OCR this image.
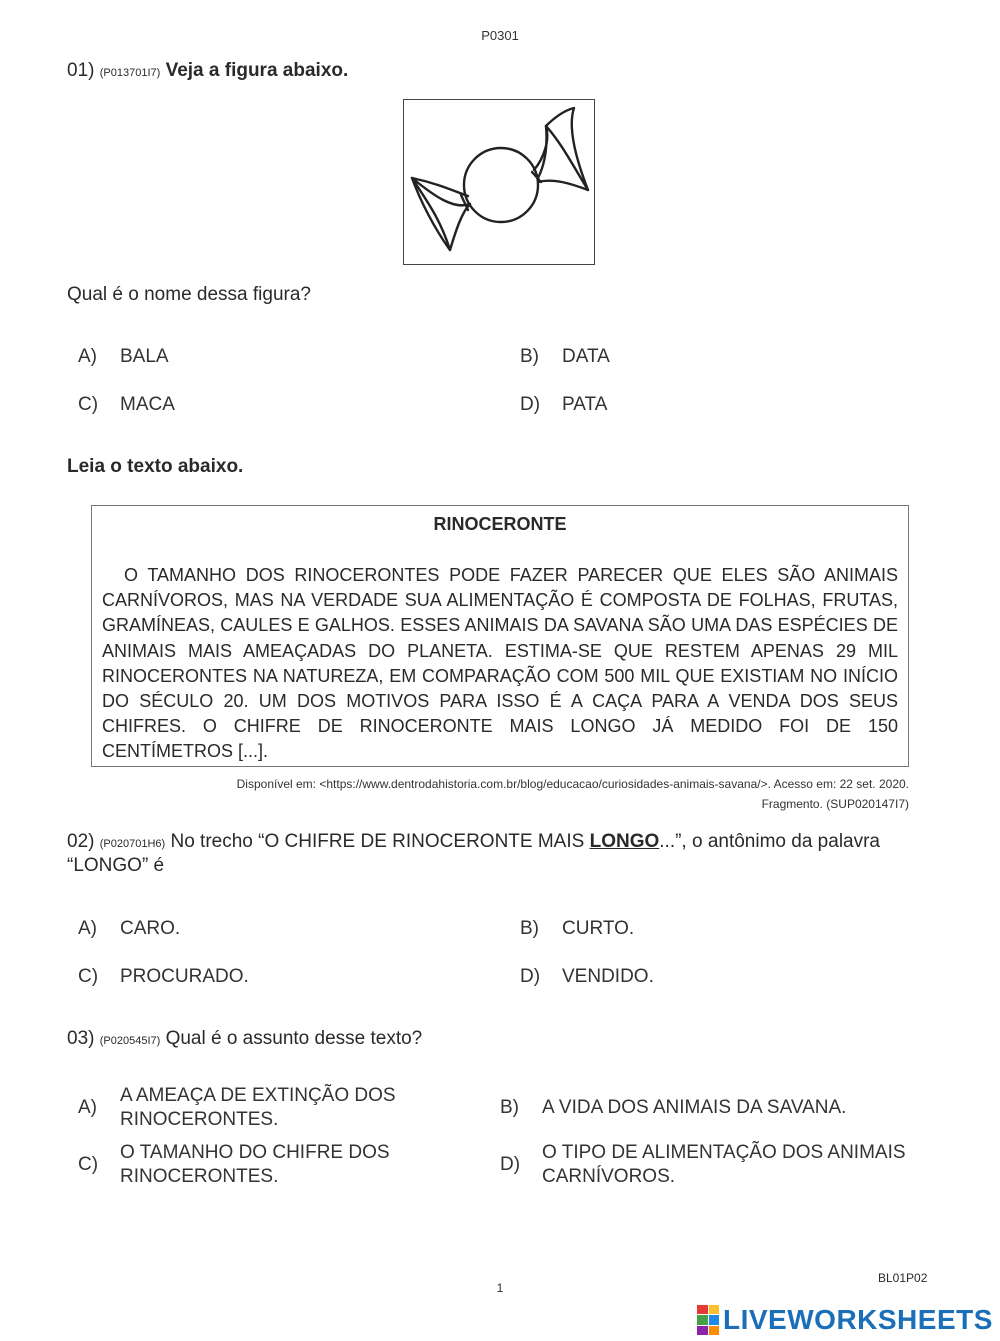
P0301
01) (P013701I7) Veja a figura abaixo.
Qual é o nome dessa figura?
A) BALA	B) DATA
C) MACA	D) PATA
Leia o texto abaixo.
RINOCERONTE
O TAMANHO DOS RINOCERONTES PODE FAZER PARECER QUE ELES SÃO ANIMAIS CARNÍVOROS, MAS NA VERDADE SUA ALIMENTAÇÃO É COMPOSTA DE FOLHAS, FRUTAS, GRAMÍNEAS, CAULES E GALHOS. ESSES ANIMAIS DA SAVANA SÃO UMA DAS ESPÉCIES DE ANIMAIS MAIS AMEAÇADAS DO PLANETA. ESTIMA-SE QUE RESTEM APENAS 29 MIL RINOCERONTES NA NATUREZA, EM COMPARAÇÃO COM 500 MIL QUE EXISTIAM NO INÍCIO DO SÉCULO 20. UM DOS MOTIVOS PARA ISSO É A CAÇA PARA A VENDA DOS SEUS CHIFRES. O CHIFRE DE RINOCERONTE MAIS LONGO JÁ MEDIDO FOI DE 150 CENTÍMETROS [...].
Disponível em: <https://www.dentrodahistoria.com.br/blog/educacao/curiosidades-animais-savana/>. Acesso em: 22 set. 2020.
Fragmento. (SUP020147I7)
02) (P020701H6) No trecho “O CHIFRE DE RINOCERONTE MAIS LONGO...”, o antônimo da palavra
“LONGO” é
A) CARO.	B) CURTO.
C) PROCURADO.	D) VENDIDO.
03) (P020545I7) Qual é o assunto desse texto?
A)
A AMEAÇA DE EXTINÇÃO DOS
RINOCERONTES.
B) A VIDA DOS ANIMAIS DA SAVANA.
C)
O TAMANHO DO CHIFRE DOS
RINOCERONTES.
D)
O TIPO DE ALIMENTAÇÃO DOS ANIMAIS
CARNÍVOROS.
BL01P02
1
LIVEWORKSHEETS
